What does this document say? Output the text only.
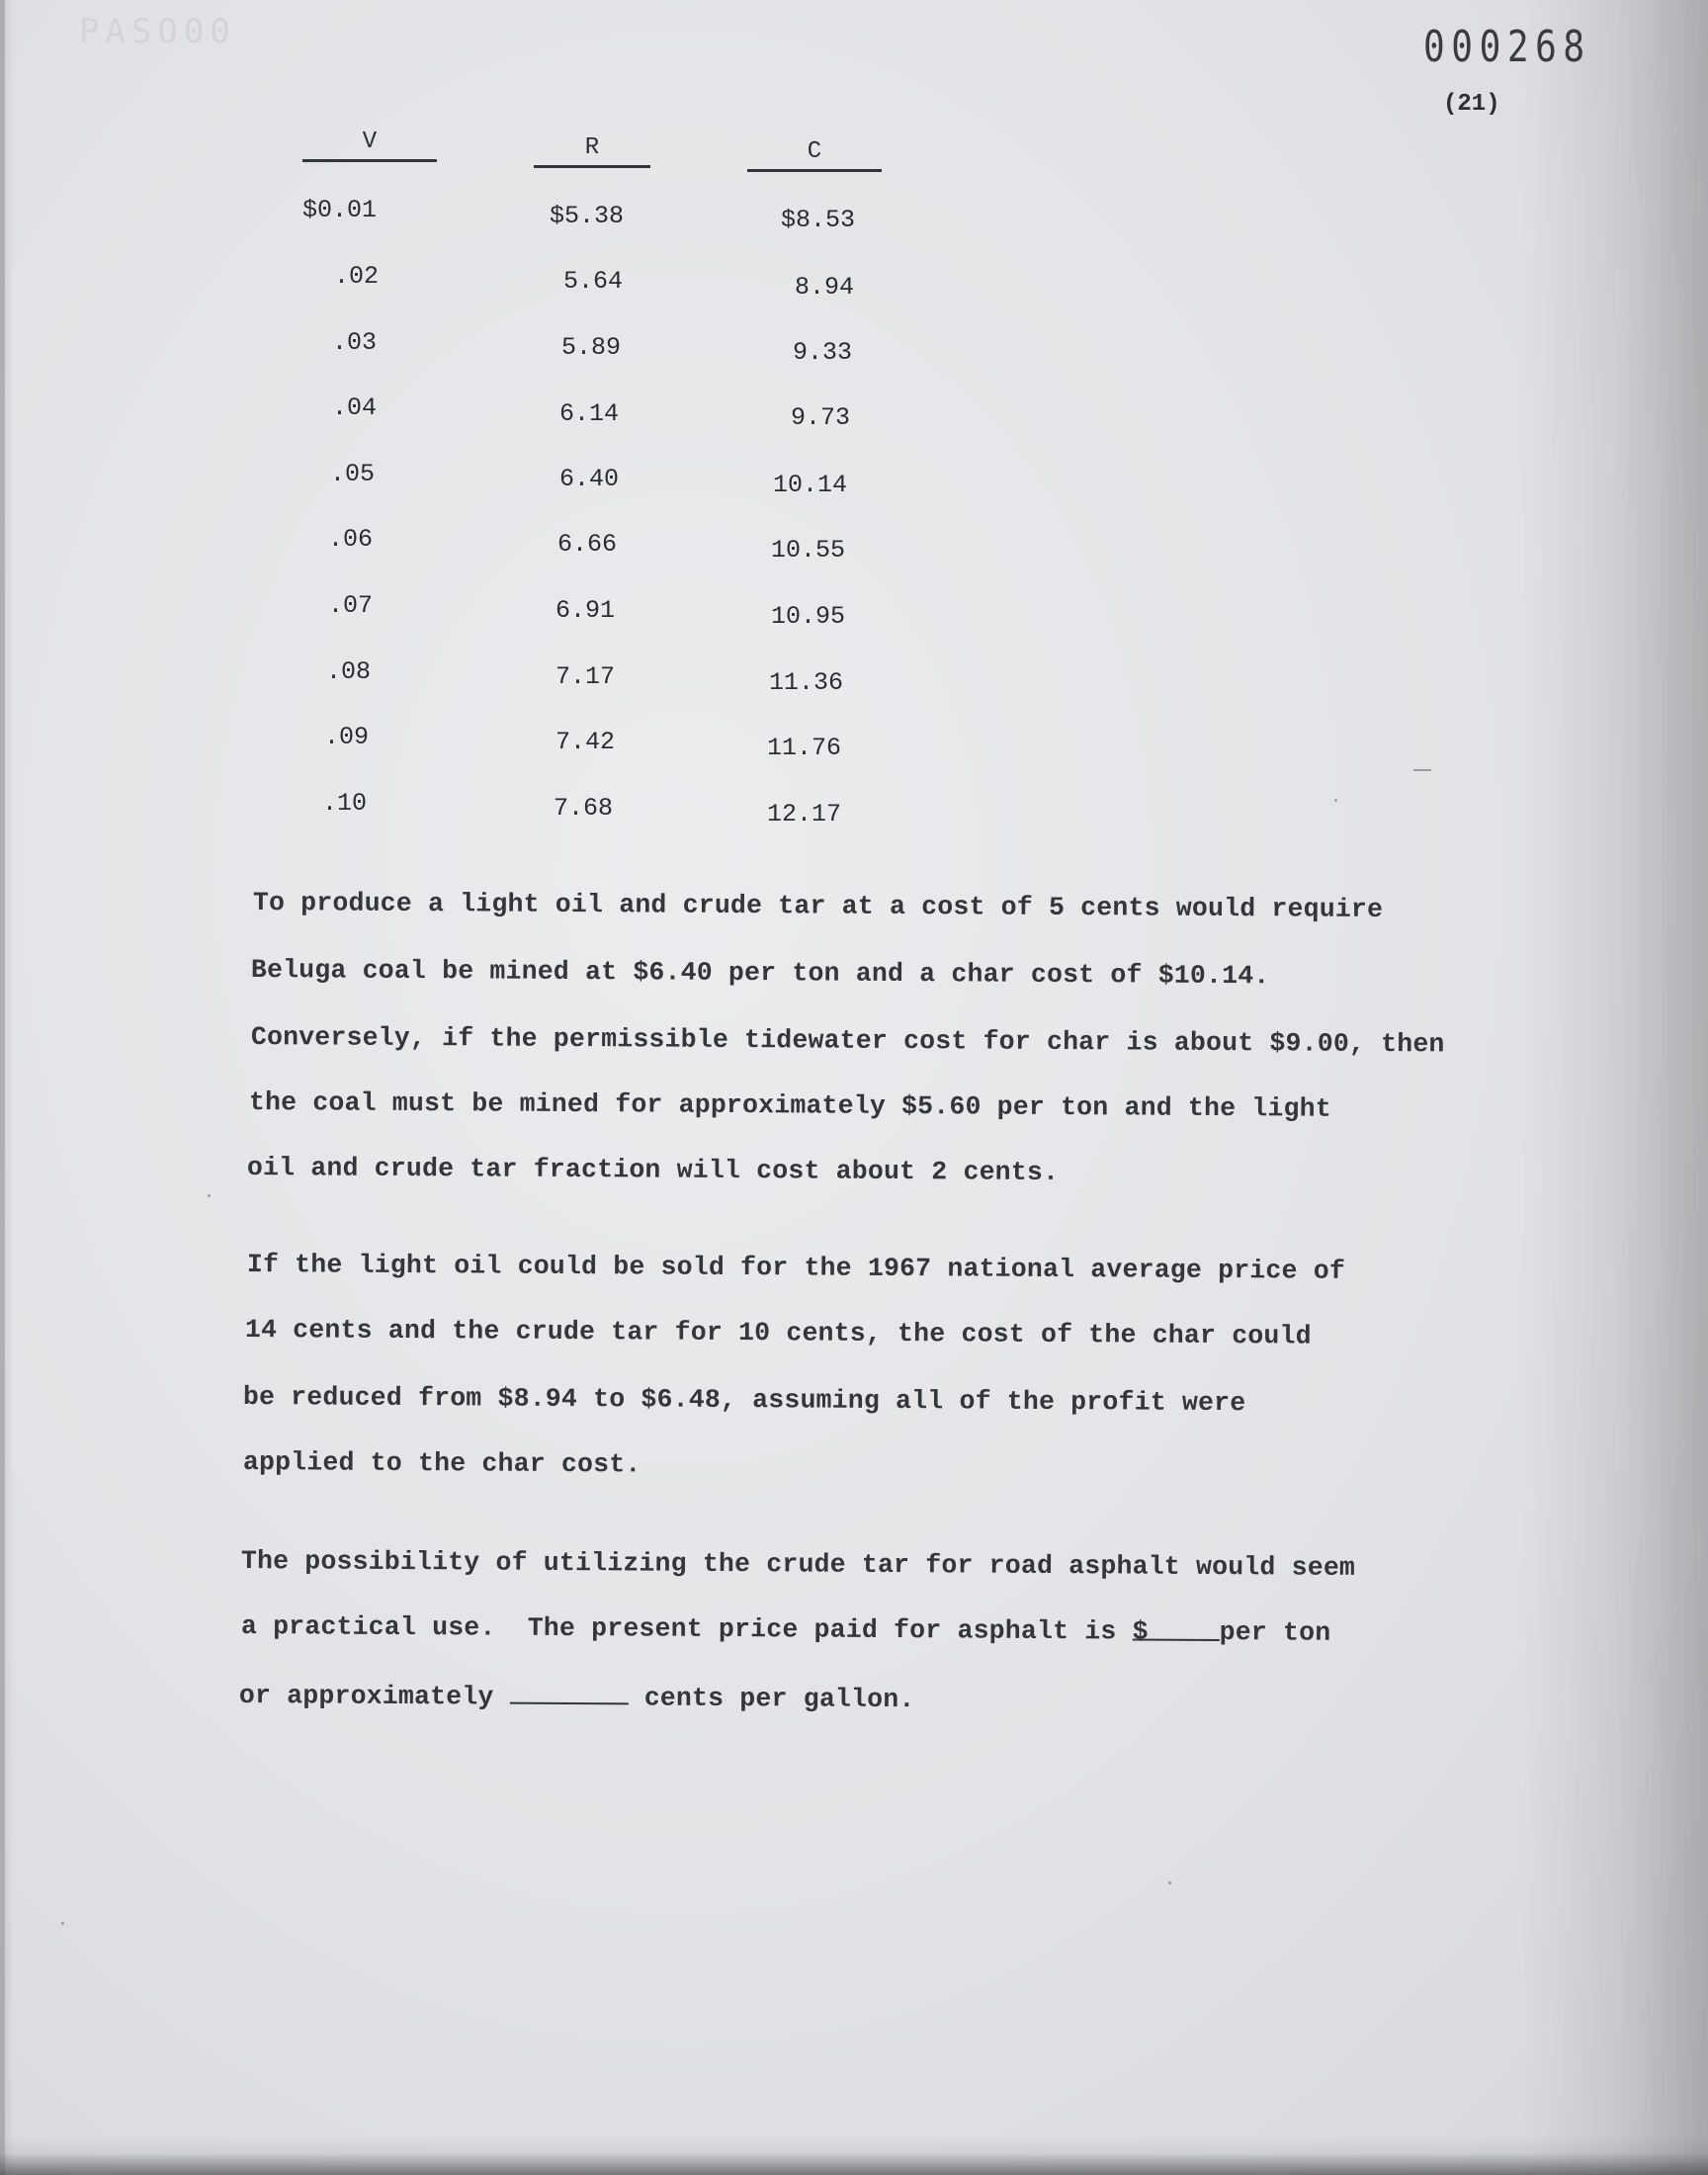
PASO00	000268
(21)
V	R	C
$0.01	$5.38	$8.53
.02	5.64	8.94
.03	5.89	9.33
.04	6.14	9.73
.05	6.40	10.14
.06	6.66	10.55
.07	6.91	10.95
.08	7.17	11.36
.09	7.42	11.76
.10	7.68	12.17
To produce a light oil and crude tar at a cost of 5 cents would require
Beluga coal be mined at $6.40 per ton and a char cost of $10.14.
Conversely, if the permissible tidewater cost for char is about $9.00, then
the coal must be mined for approximately $5.60 per ton and the light
oil and crude tar fraction will cost about 2 cents.
If the light oil could be sold for the 1967 national average price of
14 cents and the crude tar for 10 cents, the cost of the char could
be reduced from $8.94 to $6.48, assuming all of the profit were
applied to the char cost.
The possibility of utilizing the crude tar for road asphalt would seem
a practical use.  The present price paid for asphalt is $	per ton
or approximately	cents per gallon.
